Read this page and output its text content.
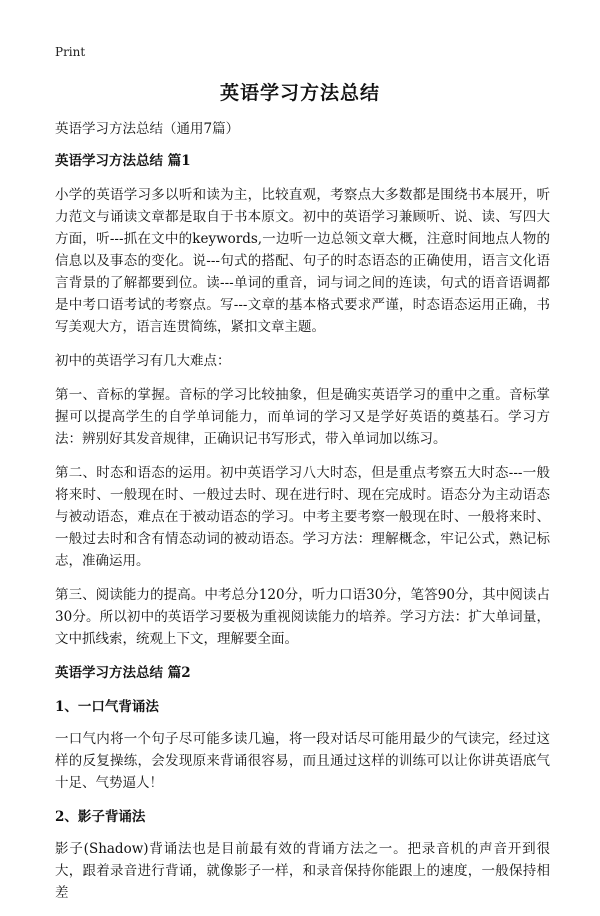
Print
英语学习方法总结

英语学习方法总结（通用7篇）

英语学习方法总结 篇1

小学的英语学习多以听和读为主，比较直观，考察点大多数都是围绕书本展开，听力范文与诵读文章都是取自于书本原文。初中的英语学习兼顾听、说、读、写四大方面，听---抓在文中的keywords,一边听一边总领文章大概，注意时间地点人物的信息以及事态的变化。说---句式的搭配、句子的时态语态的正确使用，语言文化语言背景的了解都要到位。读---单词的重音，词与词之间的连读，句式的语音语调都是中考口语考试的考察点。写---文章的基本格式要求严谨，时态语态运用正确，书写美观大方，语言连贯简练，紧扣文章主题。

初中的英语学习有几大难点：

第一、音标的掌握。音标的学习比较抽象，但是确实英语学习的重中之重。音标掌握可以提高学生的自学单词能力，而单词的学习又是学好英语的奠基石。学习方法：辨别好其发音规律，正确识记书写形式，带入单词加以练习。

第二、时态和语态的运用。初中英语学习八大时态，但是重点考察五大时态---一般将来时、一般现在时、一般过去时、现在进行时、现在完成时。语态分为主动语态与被动语态，难点在于被动语态的学习。中考主要考察一般现在时、一般将来时、一般过去时和含有情态动词的被动语态。学习方法：理解概念，牢记公式，熟记标志，准确运用。

第三、阅读能力的提高。中考总分120分，听力口语30分，笔答90分，其中阅读占30分。所以初中的英语学习要极为重视阅读能力的培养。学习方法：扩大单词量，文中抓线索，统观上下文，理解要全面。

英语学习方法总结 篇2
1、一口气背诵法

一口气内将一个句子尽可能多读几遍，将一段对话尽可能用最少的气读完，经过这样的反复操练，会发现原来背诵很容易，而且通过这样的训练可以让你讲英语底气十足、气势逼人！

2、影子背诵法

影子(Shadow)背诵法也是目前最有效的背诵方法之一。把录音机的声音开到很大，跟着录音进行背诵，就像影子一样，和录音保持你能跟上的速度，一般保持相差
